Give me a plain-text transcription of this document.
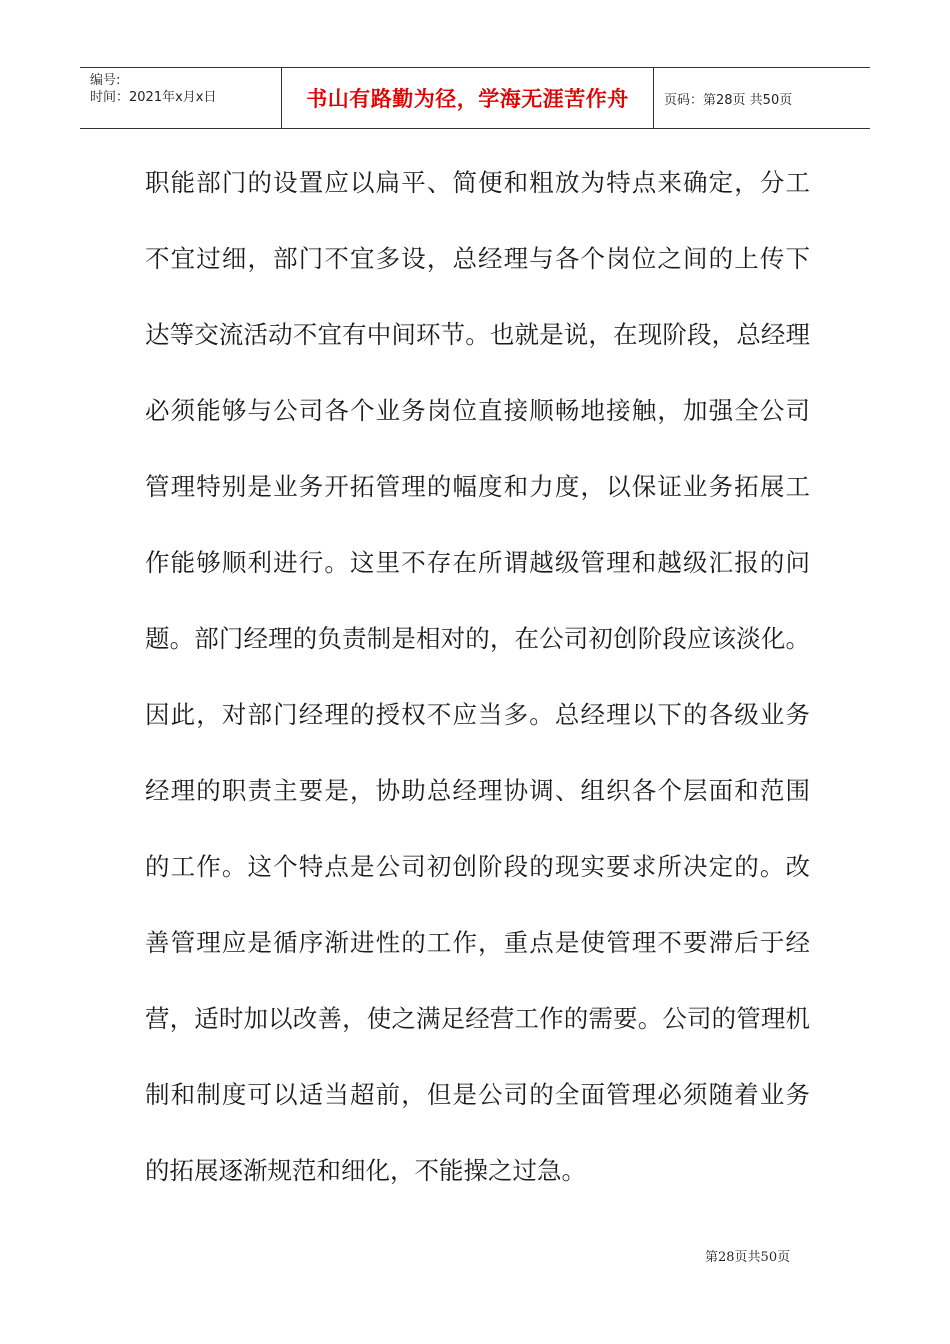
编号:
时间：2021年x月x日	书山有路勤为径，学海无涯苦作舟	页码：第28页 共50页
职能部门的设置应以扁平、简便和粗放为特点来确定，分工
不宜过细，部门不宜多设，总经理与各个岗位之间的上传下
达等交流活动不宜有中间环节。也就是说，在现阶段，总经理
必须能够与公司各个业务岗位直接顺畅地接触，加强全公司
管理特别是业务开拓管理的幅度和力度，以保证业务拓展工
作能够顺利进行。这里不存在所谓越级管理和越级汇报的问
题。部门经理的负责制是相对的，在公司初创阶段应该淡化。
因此，对部门经理的授权不应当多。总经理以下的各级业务
经理的职责主要是，协助总经理协调、组织各个层面和范围
的工作。这个特点是公司初创阶段的现实要求所决定的。改
善管理应是循序渐进性的工作，重点是使管理不要滞后于经
营，适时加以改善，使之满足经营工作的需要。公司的管理机
制和制度可以适当超前，但是公司的全面管理必须随着业务
的拓展逐渐规范和细化，不能操之过急。
第28页共50页
